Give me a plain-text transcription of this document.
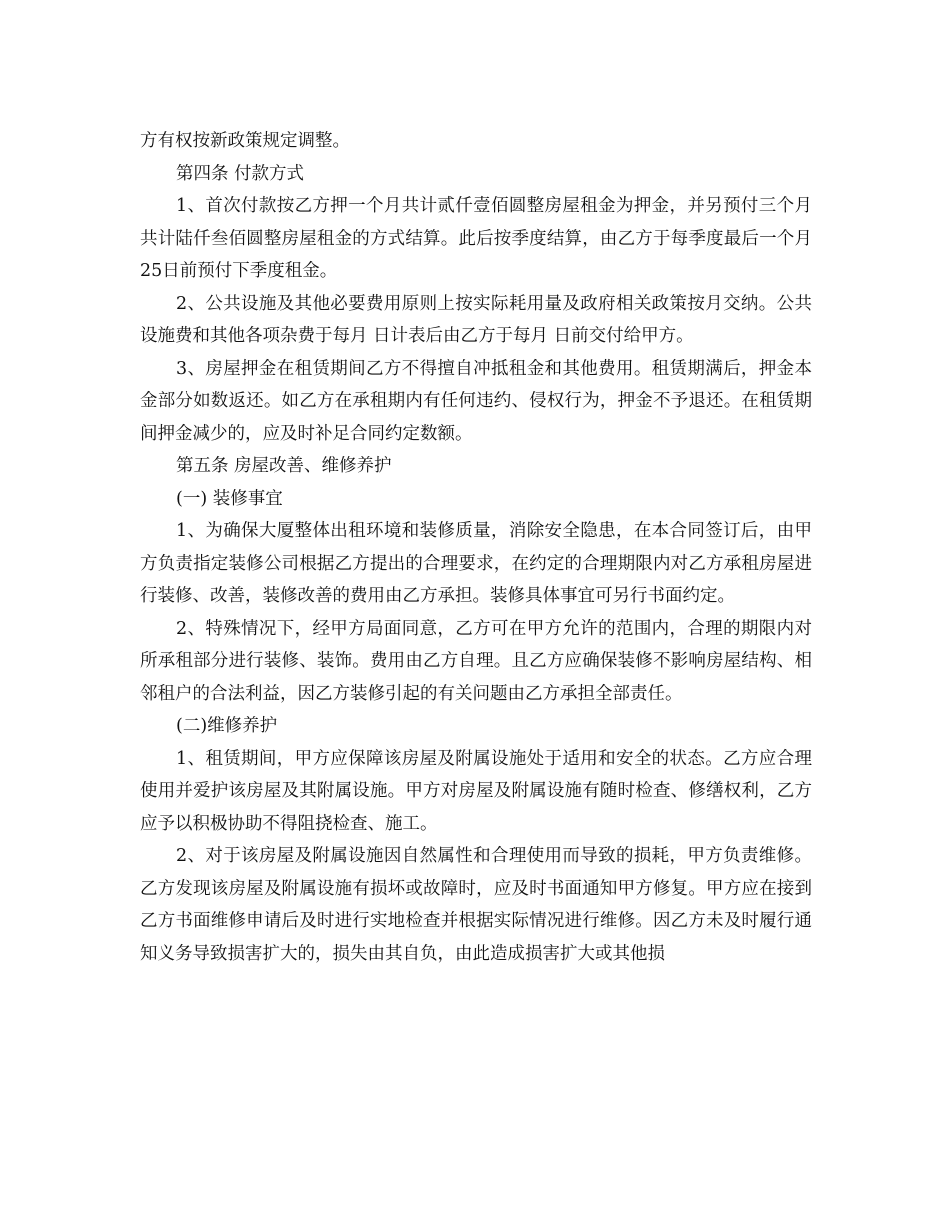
方有权按新政策规定调整。

第四条 付款方式

1、首次付款按乙方押一个月共计贰仟壹佰圆整房屋租金为押金，并另预付三个月共计陆仟叁佰圆整房屋租金的方式结算。此后按季度结算，由乙方于每季度最后一个月25日前预付下季度租金。

2、公共设施及其他必要费用原则上按实际耗用量及政府相关政策按月交纳。公共设施费和其他各项杂费于每月 日计表后由乙方于每月 日前交付给甲方。

3、房屋押金在租赁期间乙方不得擅自冲抵租金和其他费用。租赁期满后，押金本金部分如数返还。如乙方在承租期内有任何违约、侵权行为，押金不予退还。在租赁期间押金减少的，应及时补足合同约定数额。

第五条 房屋改善、维修养护

(一) 装修事宜

1、为确保大厦整体出租环境和装修质量，消除安全隐患，在本合同签订后，由甲方负责指定装修公司根据乙方提出的合理要求，在约定的合理期限内对乙方承租房屋进行装修、改善，装修改善的费用由乙方承担。装修具体事宜可另行书面约定。

2、特殊情况下，经甲方局面同意，乙方可在甲方允许的范围内，合理的期限内对所承租部分进行装修、装饰。费用由乙方自理。且乙方应确保装修不影响房屋结构、相邻租户的合法利益，因乙方装修引起的有关问题由乙方承担全部责任。

(二)维修养护

1、租赁期间，甲方应保障该房屋及附属设施处于适用和安全的状态。乙方应合理使用并爱护该房屋及其附属设施。甲方对房屋及附属设施有随时检查、修缮权利，乙方应予以积极协助不得阻挠检查、施工。

2、对于该房屋及附属设施因自然属性和合理使用而导致的损耗，甲方负责维修。乙方发现该房屋及附属设施有损坏或故障时，应及时书面通知甲方修复。甲方应在接到乙方书面维修申请后及时进行实地检查并根据实际情况进行维修。因乙方未及时履行通知义务导致损害扩大的，损失由其自负，由此造成损害扩大或其他损
